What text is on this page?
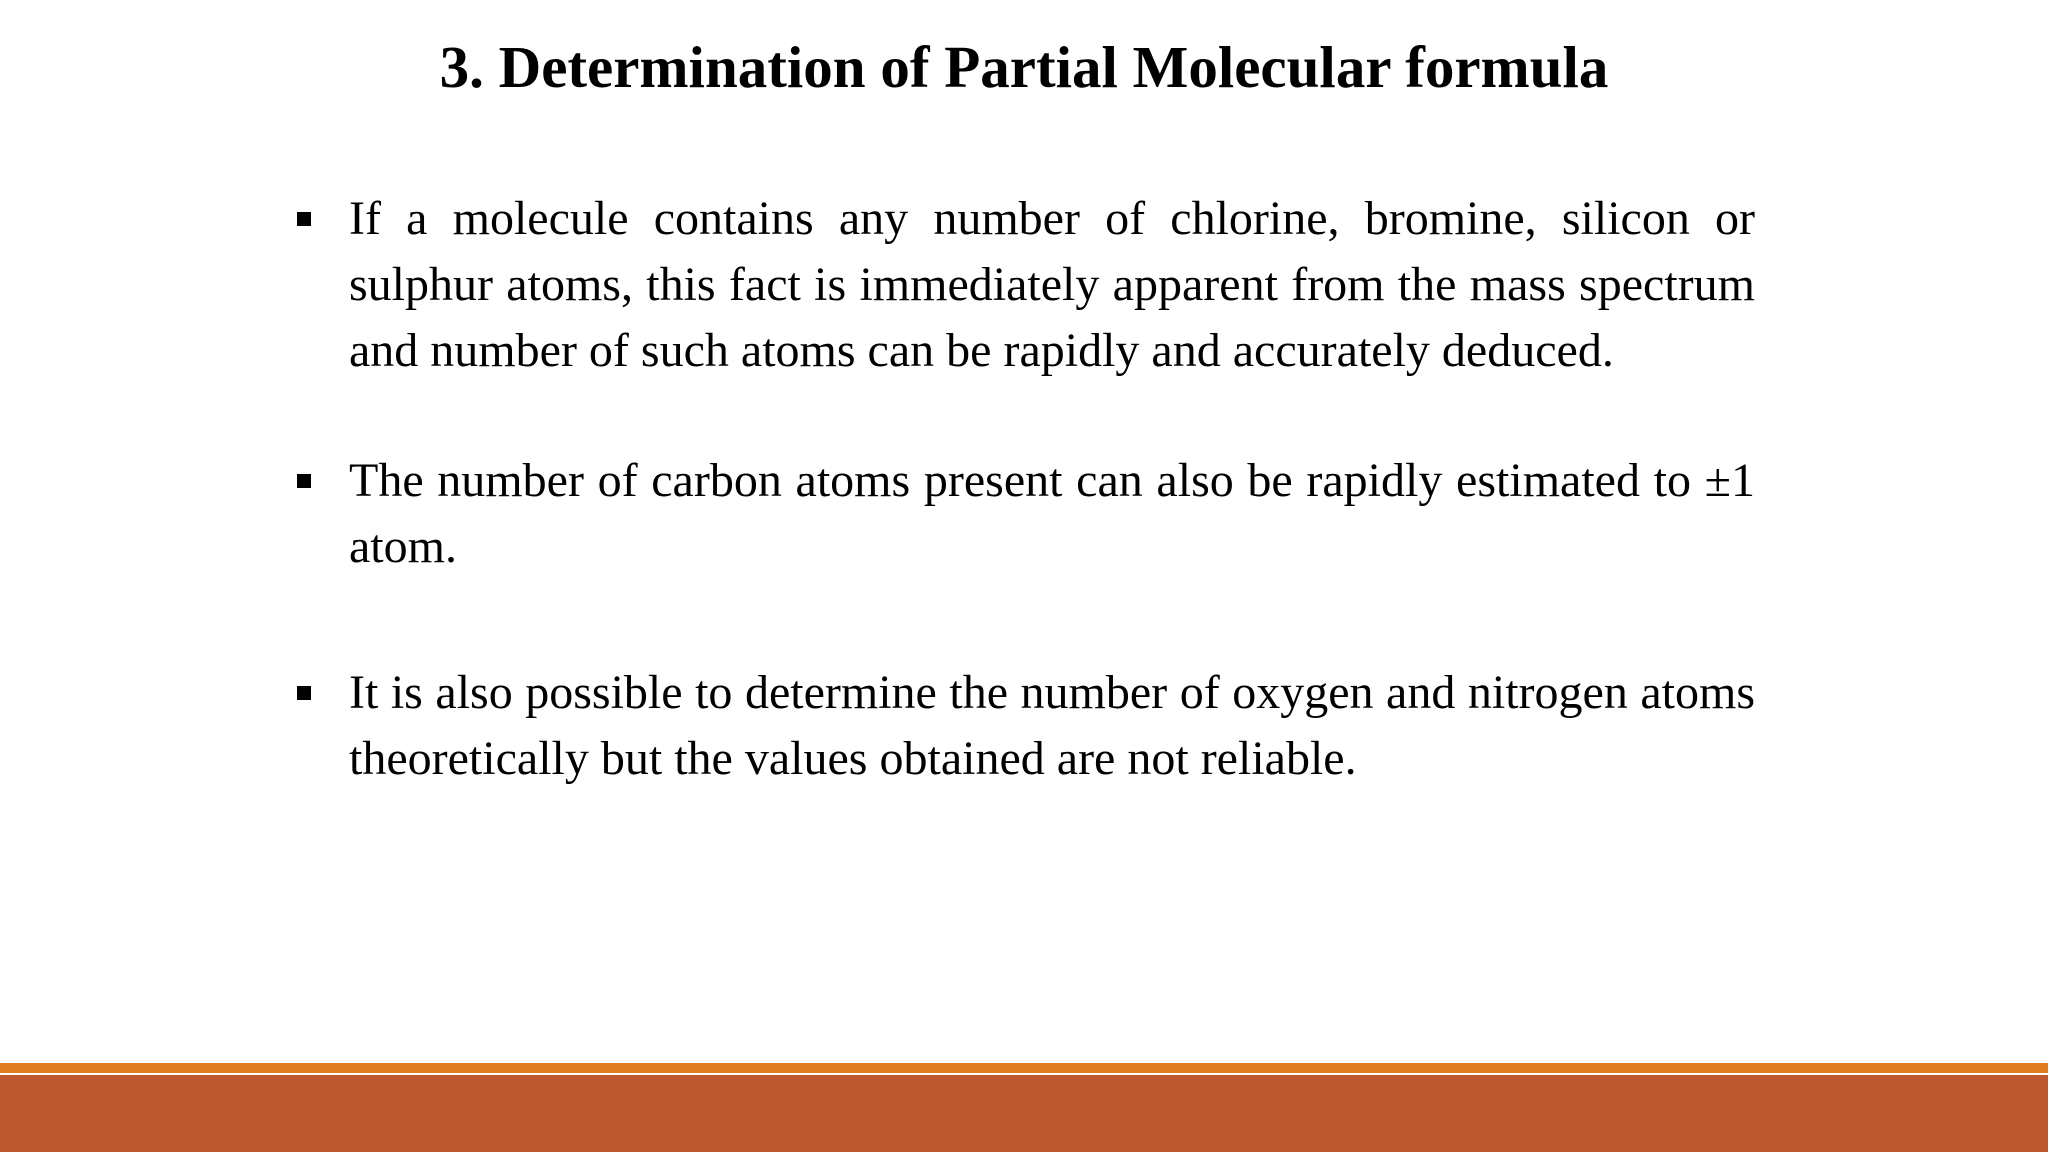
3. Determination of Partial Molecular formula
If a molecule contains any number of chlorine, bromine, silicon or sulphur atoms, this fact is immediately apparent from the mass spectrum and number of such atoms can be rapidly and accurately deduced.
The number of carbon atoms present can also be rapidly estimated to ±1 atom.
It is also possible to determine the number of oxygen and nitrogen atoms theoretically but the values obtained are not reliable.
